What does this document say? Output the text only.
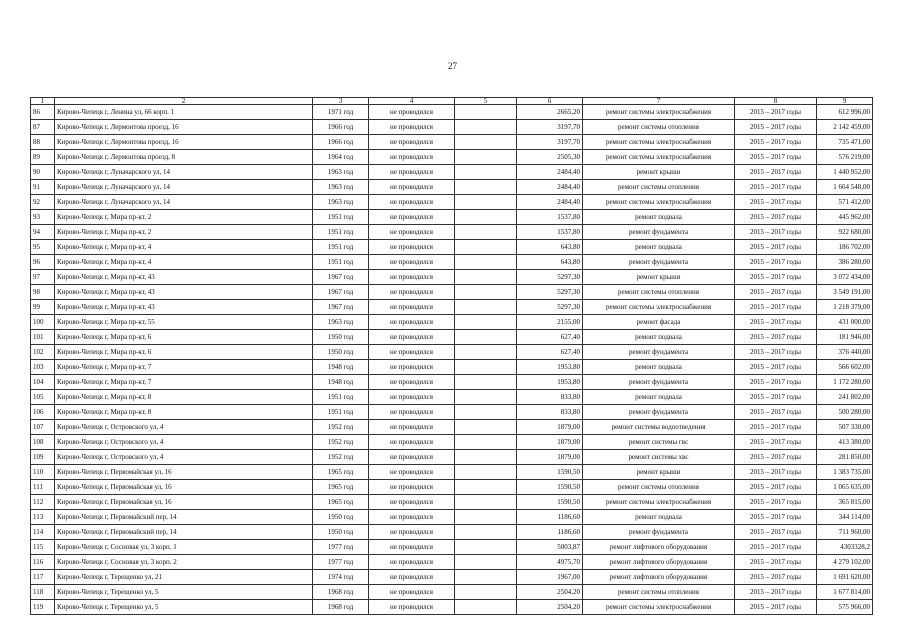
27
1	2	3	4	5	6	7	8	9
86	Кирово-Чепецк г, Ленина ул, 66 корп. 1	1971 год	не проводился		2665,20	ремонт системы электроснабжения	2015 – 2017 годы	612 996,00
87	Кирово-Чепецк г, Лермонтова проезд, 16	1966 год	не проводился		3197,70	ремонт системы отопления	2015 – 2017 годы	2 142 459,00
88	Кирово-Чепецк г, Лермонтова проезд, 16	1966 год	не проводился		3197,70	ремонт системы электроснабжения	2015 – 2017 годы	735 471,00
89	Кирово-Чепецк г, Лермонтова проезд, 8	1964 год	не проводился		2505,30	ремонт системы электроснабжения	2015 – 2017 годы	576 219,00
90	Кирово-Чепецк г, Луначарского ул, 14	1963 год	не проводился		2484,40	ремонт крыши	2015 – 2017 годы	1 440 952,00
91	Кирово-Чепецк г, Луначарского ул, 14	1963 год	не проводился		2484,40	ремонт системы отопления	2015 – 2017 годы	1 664 548,00
92	Кирово-Чепецк г, Луначарского ул, 14	1963 год	не проводился		2484,40	ремонт системы электроснабжения	2015 – 2017 годы	571 412,00
93	Кирово-Чепецк г, Мира пр-кт, 2	1951 год	не проводился		1537,80	ремонт подвала	2015 – 2017 годы	445 962,00
94	Кирово-Чепецк г, Мира пр-кт, 2	1951 год	не проводился		1537,80	ремонт фундамента	2015 – 2017 годы	922 680,00
95	Кирово-Чепецк г, Мира пр-кт, 4	1951 год	не проводился		643,80	ремонт подвала	2015 – 2017 годы	186 702,00
96	Кирово-Чепецк г, Мира пр-кт, 4	1951 год	не проводился		643,80	ремонт фундамента	2015 – 2017 годы	386 280,00
97	Кирово-Чепецк г, Мира пр-кт, 43	1967 год	не проводился		5297,30	ремонт крыши	2015 – 2017 годы	3 072 434,00
98	Кирово-Чепецк г, Мира пр-кт, 43	1967 год	не проводился		5297,30	ремонт системы отопления	2015 – 2017 годы	3 549 191,00
99	Кирово-Чепецк г, Мира пр-кт, 43	1967 год	не проводился		5297,30	ремонт системы электроснабжения	2015 – 2017 годы	1 218 379,00
100	Кирово-Чепецк г, Мира пр-кт, 55	1963 год	не проводился		2155,00	ремонт фасада	2015 – 2017 годы	431 000,00
101	Кирово-Чепецк г, Мира пр-кт, 6	1950 год	не проводился		627,40	ремонт подвала	2015 – 2017 годы	181 946,00
102	Кирово-Чепецк г, Мира пр-кт, 6	1950 год	не проводился		627,40	ремонт фундамента	2015 – 2017 годы	376 440,00
103	Кирово-Чепецк г, Мира пр-кт, 7	1948 год	не проводился		1953,80	ремонт подвала	2015 – 2017 годы	566 602,00
104	Кирово-Чепецк г, Мира пр-кт, 7	1948 год	не проводился		1953,80	ремонт фундамента	2015 – 2017 годы	1 172 280,00
105	Кирово-Чепецк г, Мира пр-кт, 8	1951 год	не проводился		833,80	ремонт подвала	2015 – 2017 годы	241 802,00
106	Кирово-Чепецк г, Мира пр-кт, 8	1951 год	не проводился		833,80	ремонт фундамента	2015 – 2017 годы	500 280,00
107	Кирово-Чепецк г, Островского ул, 4	1952 год	не проводился		1879,00	ремонт системы водоотведения	2015 – 2017 годы	507 330,00
108	Кирово-Чепецк г, Островского ул, 4	1952 год	не проводился		1879,00	ремонт системы гвс	2015 – 2017 годы	413 380,00
109	Кирово-Чепецк г, Островского ул, 4	1952 год	не проводился		1879,00	ремонт системы хвс	2015 – 2017 годы	281 850,00
110	Кирово-Чепецк г, Первомайская ул, 16	1965 год	не проводился		1590,50	ремонт крыши	2015 – 2017 годы	1 383 735,00
111	Кирово-Чепецк г, Первомайская ул, 16	1965 год	не проводился		1590,50	ремонт системы отопления	2015 – 2017 годы	1 065 635,00
112	Кирово-Чепецк г, Первомайская ул, 16	1965 год	не проводился		1590,50	ремонт системы электроснабжения	2015 – 2017 годы	365 815,00
113	Кирово-Чепецк г, Первомайский пер, 14	1950 год	не проводился		1186,60	ремонт подвала	2015 – 2017 годы	344 114,00
114	Кирово-Чепецк г, Первомайский пер, 14	1950 год	не проводился		1186,60	ремонт фундамента	2015 – 2017 годы	711 960,00
115	Кирово-Чепецк г, Сосновая ул, 3 корп. 1	1977 год	не проводился		5003,87	ремонт лифтового оборудования	2015 – 2017 годы	4303328,2
116	Кирово-Чепецк г, Сосновая ул, 3 корп. 2	1977 год	не проводился		4975,70	ремонт лифтового оборудования	2015 – 2017 годы	4 279 102,00
117	Кирово-Чепецк г, Терещенко ул, 21	1974 год	не проводился		1967,00	ремонт лифтового оборудования	2015 – 2017 годы	1 691 620,00
118	Кирово-Чепецк г, Терещенко ул, 5	1968 год	не проводился		2504,20	ремонт системы отопления	2015 – 2017 годы	1 677 814,00
119	Кирово-Чепецк г, Терещенко ул, 5	1968 год	не проводился		2504,20	ремонт системы электроснабжения	2015 – 2017 годы	575 966,00
